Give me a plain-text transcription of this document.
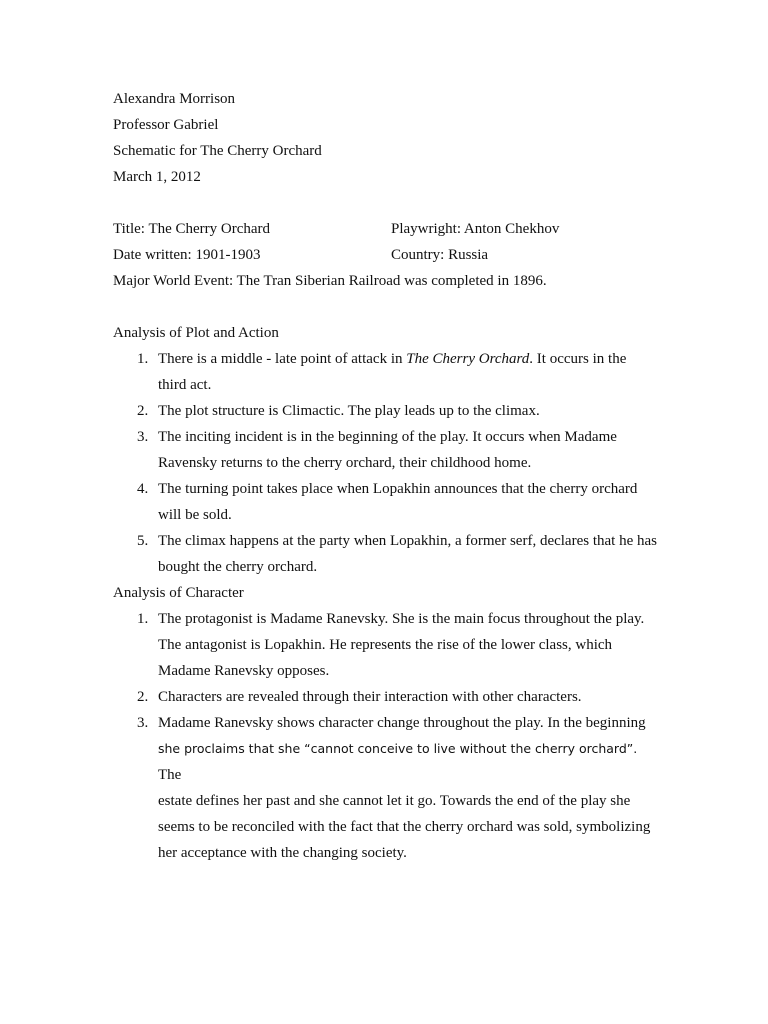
Alexandra Morrison
Professor Gabriel
Schematic for The Cherry Orchard
March 1, 2012
Title: The Cherry Orchard	Playwright: Anton Chekhov
Date written: 1901-1903	Country: Russia
Major World Event: The Tran Siberian Railroad was completed in 1896.
Analysis of Plot and Action
1. There is a middle - late point of attack in The Cherry Orchard. It occurs in the third act.
2. The plot structure is Climactic. The play leads up to the climax.
3. The inciting incident is in the beginning of the play. It occurs when Madame Ravensky returns to the cherry orchard, their childhood home.
4. The turning point takes place when Lopakhin announces that the cherry orchard will be sold.
5. The climax happens at the party when Lopakhin, a former serf, declares that he has bought the cherry orchard.
Analysis of Character
1. The protagonist is Madame Ranevsky. She is the main focus throughout the play. The antagonist is Lopakhin. He represents the rise of the lower class, which Madame Ranevsky opposes.
2. Characters are revealed through their interaction with other characters.
3. Madame Ranevsky shows character change throughout the play. In the beginning
she proclaims that she “cannot conceive to live without the cherry orchard”. The
estate defines her past and she cannot let it go. Towards the end of the play she seems to be reconciled with the fact that the cherry orchard was sold, symbolizing her acceptance with the changing society.
